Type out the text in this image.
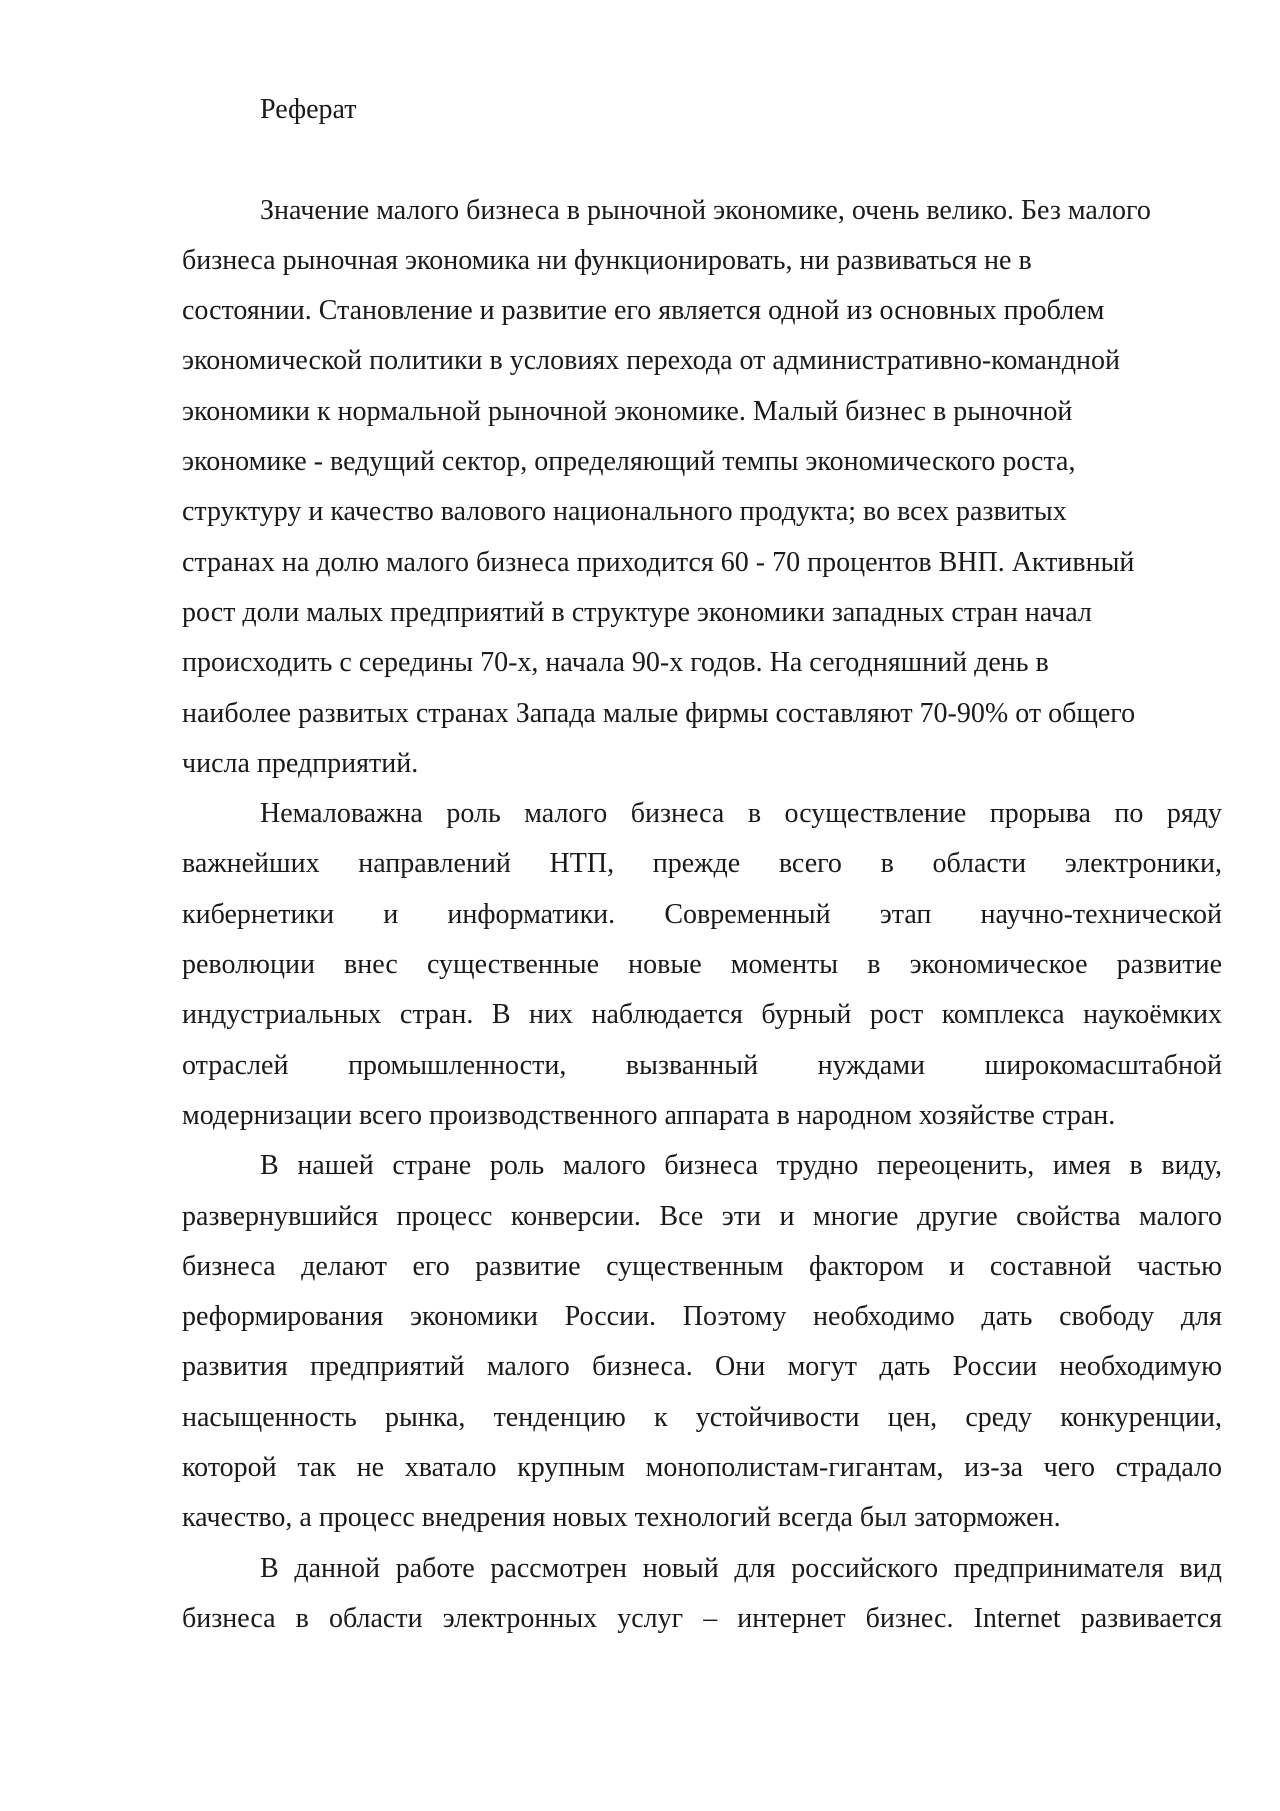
Реферат
Значение малого бизнеса в рыночной экономике, очень велико. Без малого
бизнеса рыночная экономика ни функционировать, ни развиваться не в
состоянии. Становление и развитие его является одной из основных проблем
экономической политики в условиях перехода от административно-командной
экономики к нормальной рыночной экономике. Малый бизнес в рыночной
экономике - ведущий сектор, определяющий темпы экономического роста,
структуру и качество валового национального продукта; во всех развитых
странах на долю малого бизнеса приходится 60 - 70 процентов ВНП. Активный
рост доли малых предприятий в структуре экономики западных стран начал
происходить с середины 70-х, начала 90-х годов. На сегодняшний день в
наиболее развитых странах Запада малые фирмы составляют 70-90% от общего
числа предприятий.
Немаловажна роль малого бизнеса в осуществление прорыва по ряду
важнейших направлений НТП, прежде всего в области электроники,
кибернетики и информатики. Современный этап научно-технической
революции внес существенные новые моменты в экономическое развитие
индустриальных стран. В них наблюдается бурный рост комплекса наукоёмких
отраслей промышленности, вызванный нуждами широкомасштабной
модернизации всего производственного аппарата в народном хозяйстве стран.
В нашей стране роль малого бизнеса трудно переоценить, имея в виду,
развернувшийся процесс конверсии. Все эти и многие другие свойства малого
бизнеса делают его развитие существенным фактором и составной частью
реформирования экономики России. Поэтому необходимо дать свободу для
развития предприятий малого бизнеса. Они могут дать России необходимую
насыщенность рынка, тенденцию к устойчивости цен, среду конкуренции,
которой так не хватало крупным монополистам-гигантам, из-за чего страдало
качество, а процесс внедрения новых технологий всегда был заторможен.
В данной работе рассмотрен новый для российского предпринимателя вид
бизнеса в области электронных услуг – интернет бизнес. Internet развивается
